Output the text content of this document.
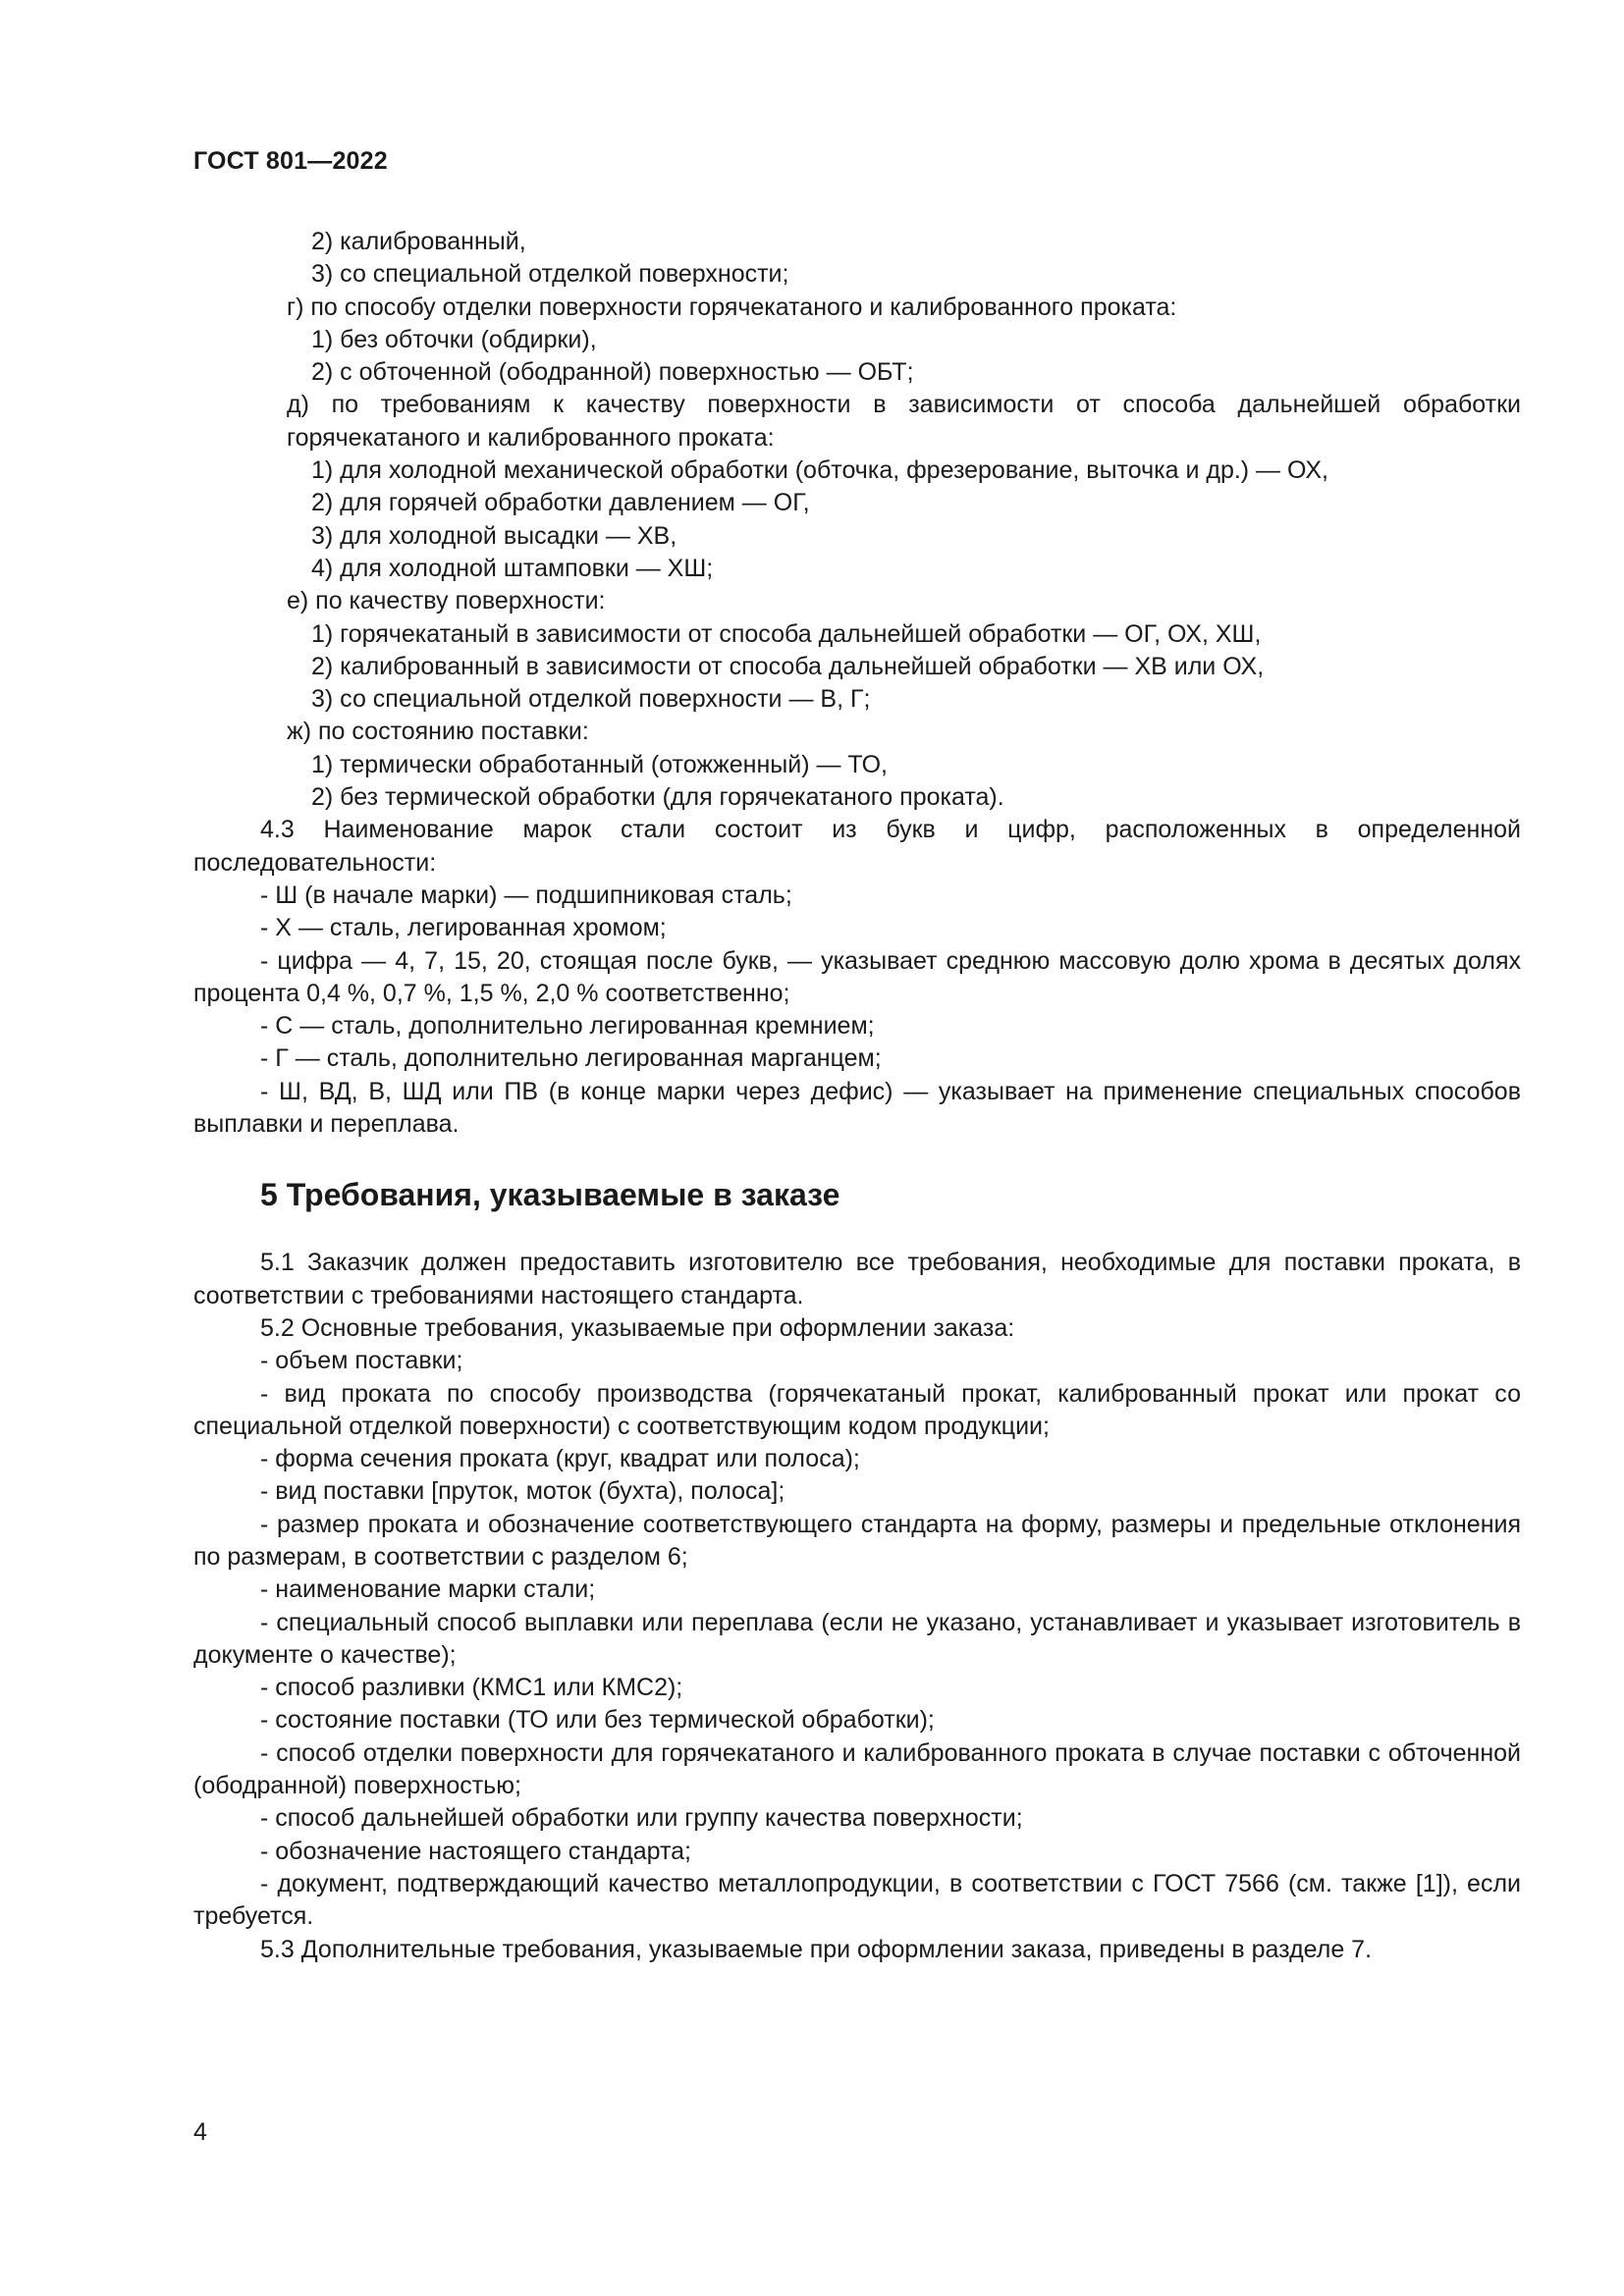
ГОСТ 801—2022

2) калиброванный,

3) со специальной отделкой поверхности;

г) по способу отделки поверхности горячекатаного и калиброванного проката:

1) без обточки (обдирки),

2) с обточенной (ободранной) поверхностью — ОБТ;

д) по требованиям к качеству поверхности в зависимости от способа дальнейшей обработки горячекатаного и калиброванного проката:

1) для холодной механической обработки (обточка, фрезерование, выточка и др.) — ОХ,

2) для горячей обработки давлением — ОГ,

3) для холодной высадки — ХВ,

4) для холодной штамповки — ХШ;

е) по качеству поверхности:

1) горячекатаный в зависимости от способа дальнейшей обработки — ОГ, ОХ, ХШ,

2) калиброванный в зависимости от способа дальнейшей обработки — ХВ или ОХ,

3) со специальной отделкой поверхности — В, Г;

ж) по состоянию поставки:

1) термически обработанный (отожженный) — ТО,

2) без термической обработки (для горячекатаного проката).

4.3 Наименование марок стали состоит из букв и цифр, расположенных в определенной последовательности:

- Ш (в начале марки) — подшипниковая сталь;

- Х — сталь, легированная хромом;

- цифра — 4, 7, 15, 20, стоящая после букв, — указывает среднюю массовую долю хрома в десятых долях процента 0,4 %, 0,7 %, 1,5 %, 2,0 % соответственно;

- С — сталь, дополнительно легированная кремнием;

- Г — сталь, дополнительно легированная марганцем;

- Ш, ВД, В, ШД или ПВ (в конце марки через дефис) — указывает на применение специальных способов выплавки и переплава.

5 Требования, указываемые в заказе

5.1 Заказчик должен предоставить изготовителю все требования, необходимые для поставки проката, в соответствии с требованиями настоящего стандарта.

5.2 Основные требования, указываемые при оформлении заказа:

- объем поставки;

- вид проката по способу производства (горячекатаный прокат, калиброванный прокат или прокат со специальной отделкой поверхности) с соответствующим кодом продукции;

- форма сечения проката (круг, квадрат или полоса);

- вид поставки [пруток, моток (бухта), полоса];

- размер проката и обозначение соответствующего стандарта на форму, размеры и предельные отклонения по размерам, в соответствии с разделом 6;

- наименование марки стали;

- специальный способ выплавки или переплава (если не указано, устанавливает и указывает изготовитель в документе о качестве);

- способ разливки (КМС1 или КМС2);

- состояние поставки (ТО или без термической обработки);

- способ отделки поверхности для горячекатаного и калиброванного проката в случае поставки с обточенной (ободранной) поверхностью;

- способ дальнейшей обработки или группу качества поверхности;

- обозначение настоящего стандарта;

- документ, подтверждающий качество металлопродукции, в соответствии с ГОСТ 7566 (см. также [1]), если требуется.

5.3 Дополнительные требования, указываемые при оформлении заказа, приведены в разделе 7.

4
